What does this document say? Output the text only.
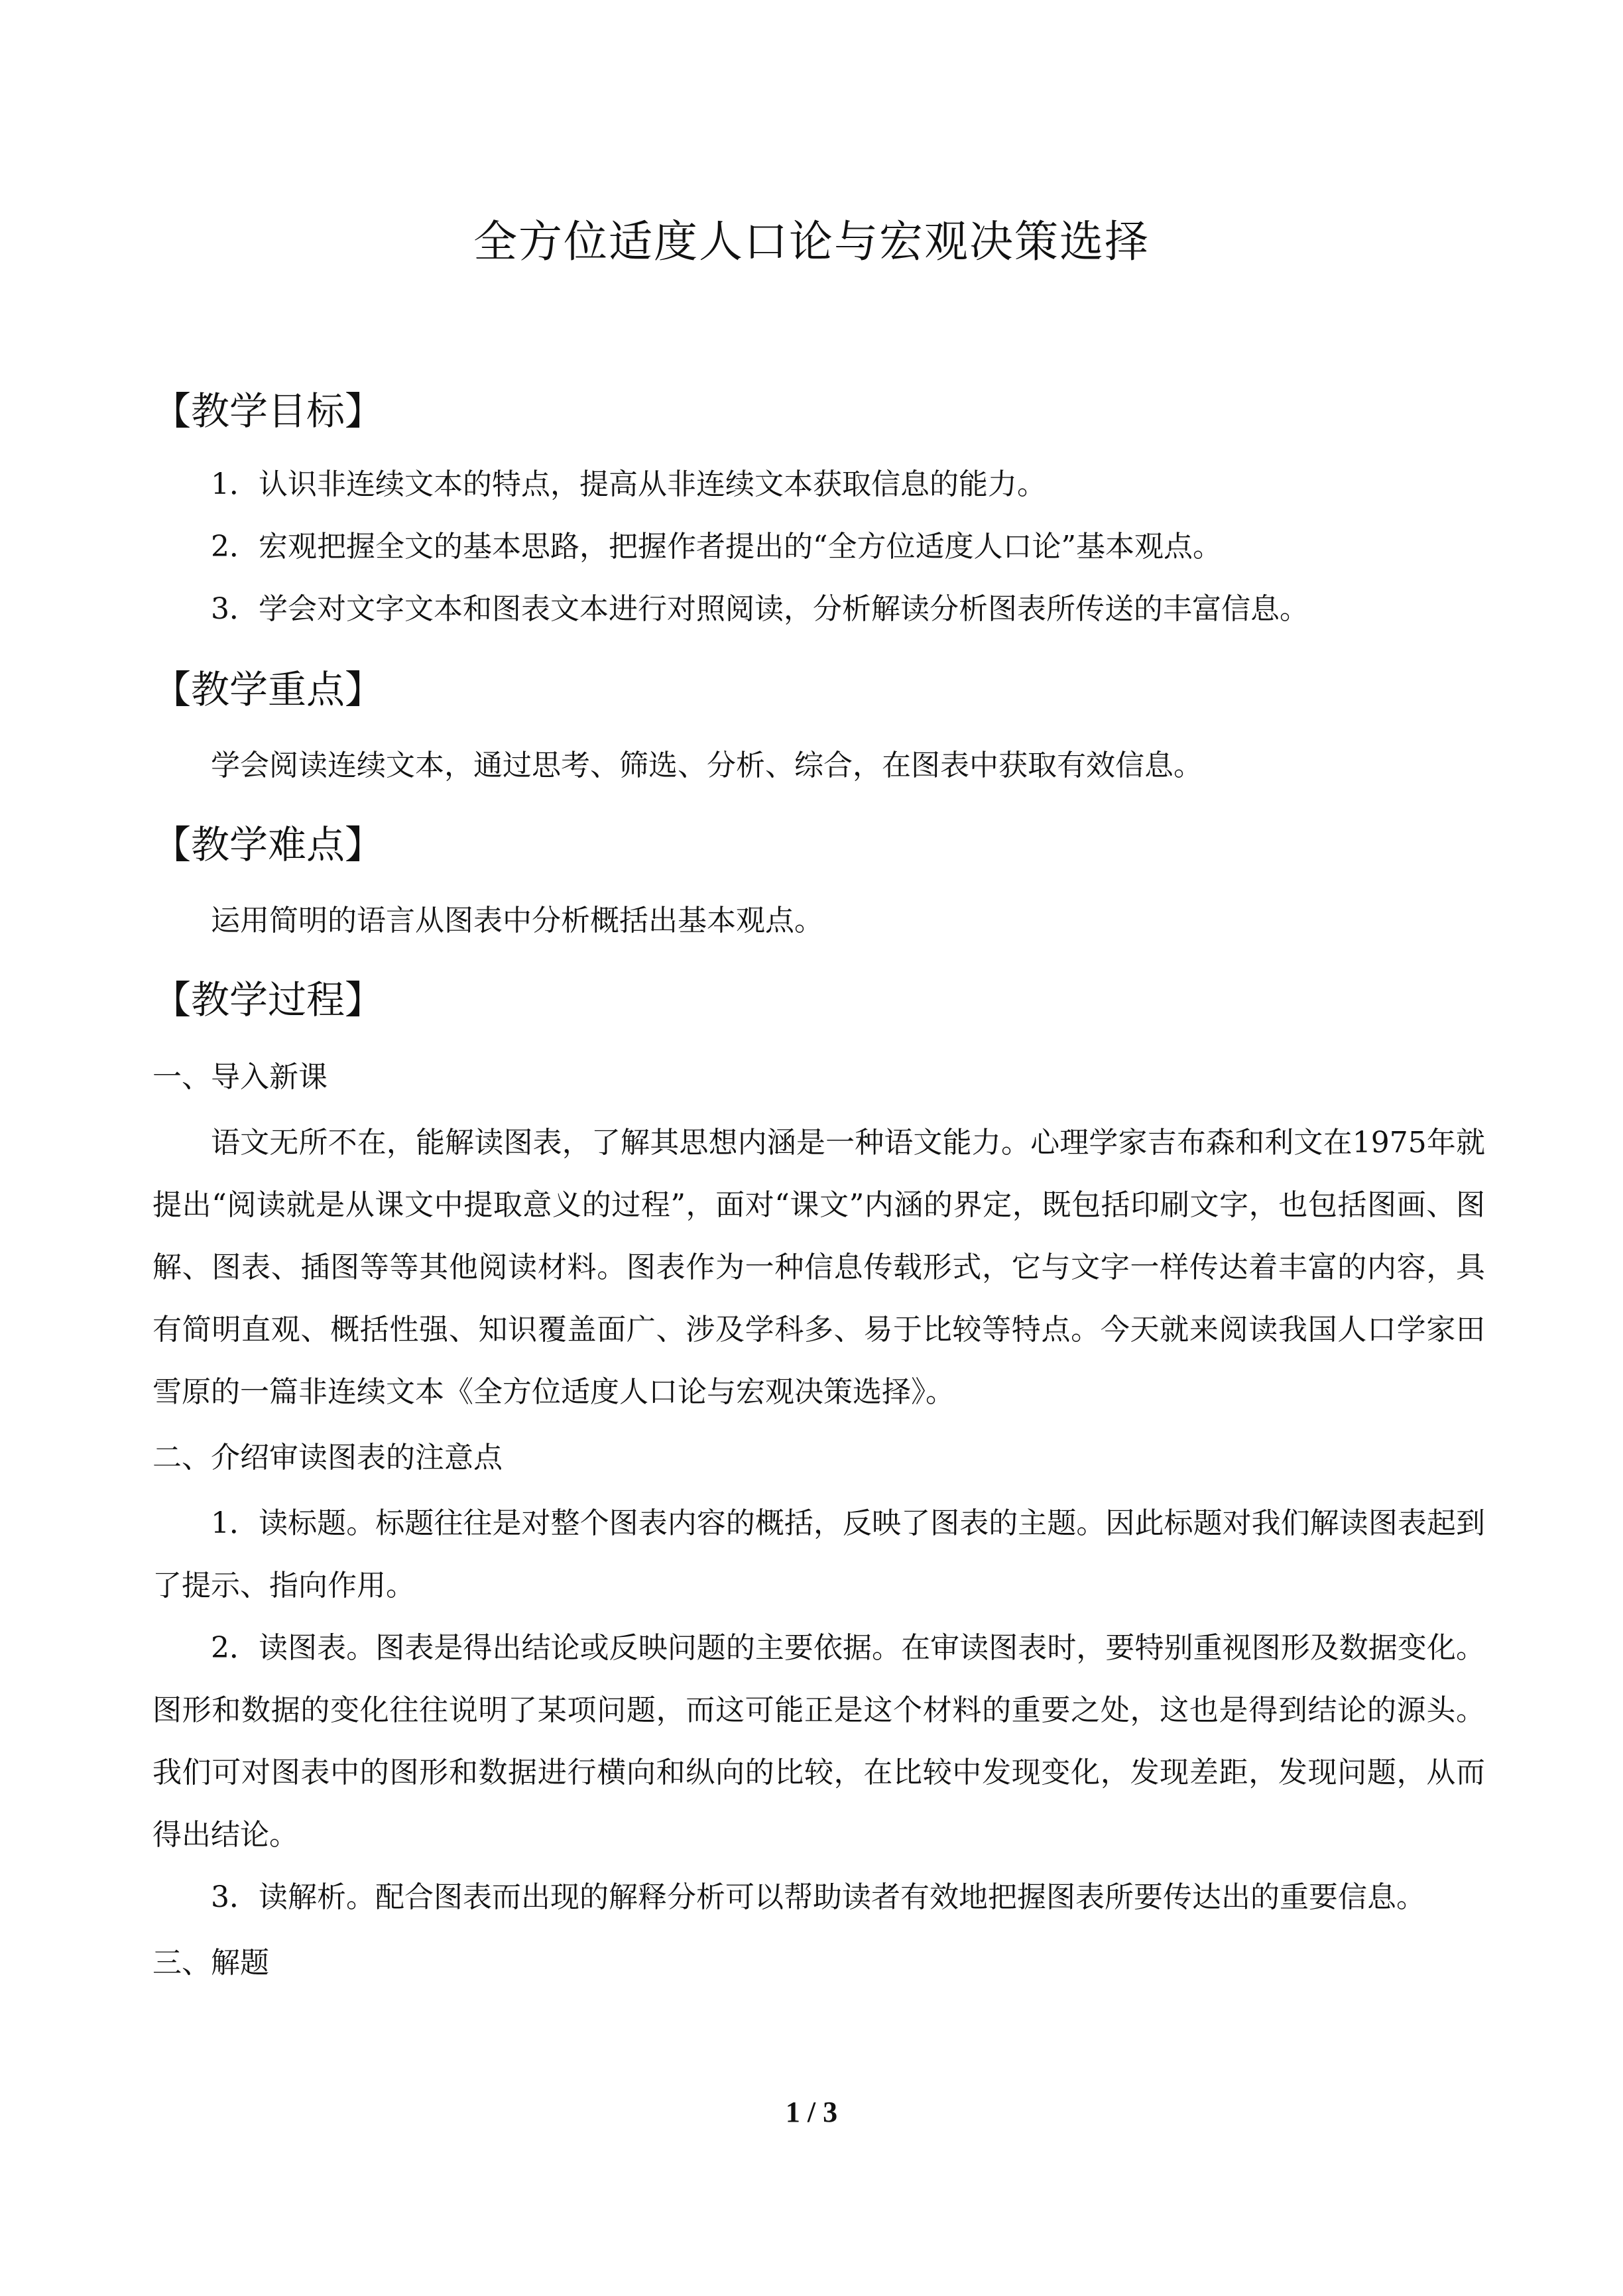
全方位适度人口论与宏观决策选择
【教学目标】

1．认识非连续文本的特点，提高从非连续文本获取信息的能力。

2．宏观把握全文的基本思路，把握作者提出的“全方位适度人口论”基本观点。

3．学会对文字文本和图表文本进行对照阅读，分析解读分析图表所传送的丰富信息。

【教学重点】

学会阅读连续文本，通过思考、筛选、分析、综合，在图表中获取有效信息。

【教学难点】

运用简明的语言从图表中分析概括出基本观点。

【教学过程】
一、导入新课

语文无所不在，能解读图表，了解其思想内涵是一种语文能力。心理学家吉布森和利文在1975年就提出“阅读就是从课文中提取意义的过程”，面对“课文”内涵的界定，既包括印刷文字，也包括图画、图解、图表、插图等等其他阅读材料。图表作为一种信息传载形式，它与文字一样传达着丰富的内容，具有简明直观、概括性强、知识覆盖面广、涉及学科多、易于比较等特点。今天就来阅读我国人口学家田雪原的一篇非连续文本《全方位适度人口论与宏观决策选择》。

二、介绍审读图表的注意点

1．读标题。标题往往是对整个图表内容的概括，反映了图表的主题。因此标题对我们解读图表起到了提示、指向作用。

2．读图表。图表是得出结论或反映问题的主要依据。在审读图表时，要特别重视图形及数据变化。图形和数据的变化往往说明了某项问题，而这可能正是这个材料的重要之处，这也是得到结论的源头。我们可对图表中的图形和数据进行横向和纵向的比较，在比较中发现变化，发现差距，发现问题，从而得出结论。

3．读解析。配合图表而出现的解释分析可以帮助读者有效地把握图表所要传达出的重要信息。

三、解题
1 / 3
